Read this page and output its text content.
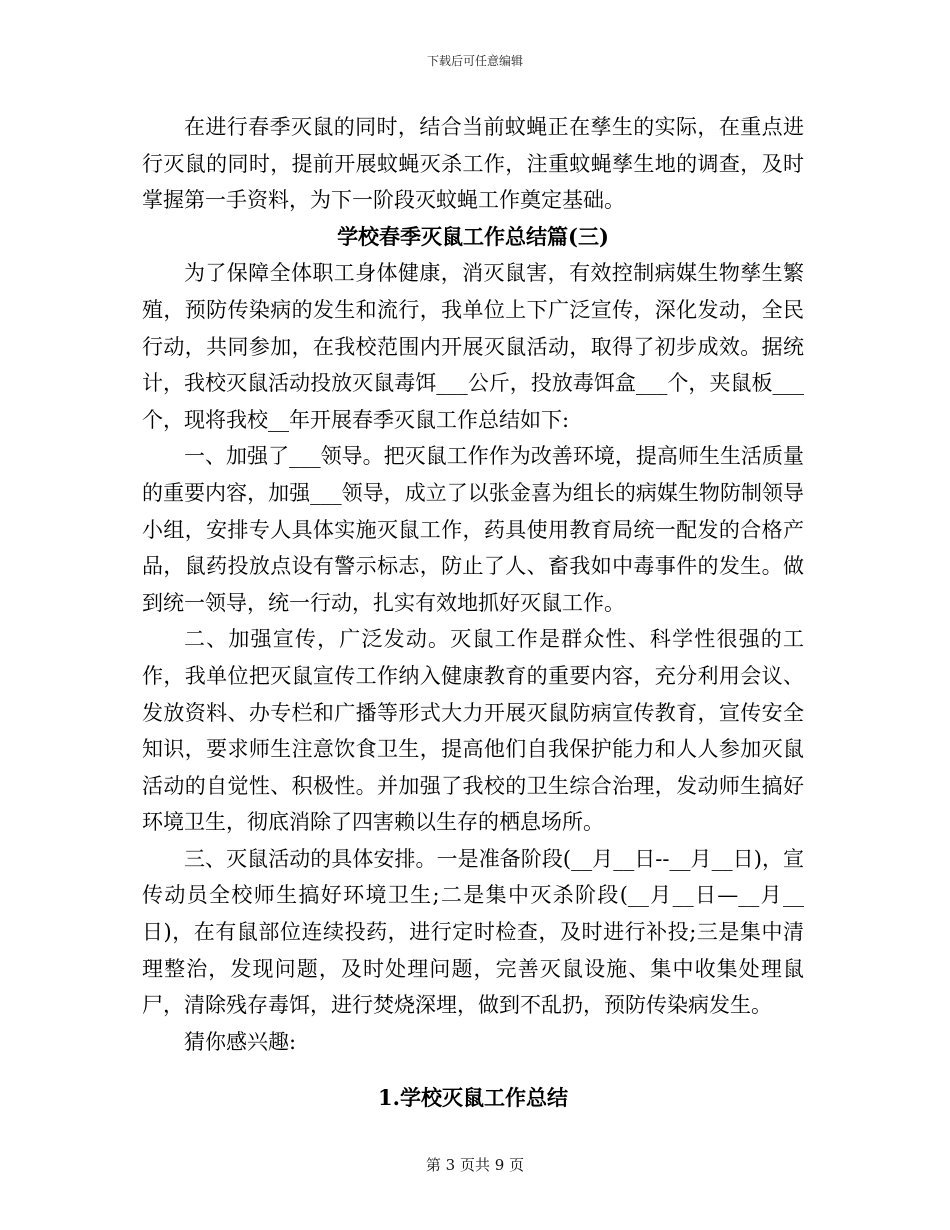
下载后可任意编辑

在进行春季灭鼠的同时，结合当前蚊蝇正在孳生的实际，在重点进行灭鼠的同时，提前开展蚊蝇灭杀工作，注重蚊蝇孳生地的调查，及时掌握第一手资料，为下一阶段灭蚊蝇工作奠定基础。

学校春季灭鼠工作总结篇(三)

为了保障全体职工身体健康，消灭鼠害，有效控制病媒生物孳生繁殖，预防传染病的发生和流行，我单位上下广泛宣传，深化发动，全民行动，共同参加，在我校范围内开展灭鼠活动，取得了初步成效。据统计，我校灭鼠活动投放灭鼠毒饵___公斤，投放毒饵盒___个，夹鼠板___个，现将我校__年开展春季灭鼠工作总结如下:

一、加强了___领导。把灭鼠工作作为改善环境，提高师生生活质量的重要内容，加强___领导，成立了以张金喜为组长的病媒生物防制领导小组，安排专人具体实施灭鼠工作，药具使用教育局统一配发的合格产品，鼠药投放点设有警示标志，防止了人、畜我如中毒事件的发生。做到统一领导，统一行动，扎实有效地抓好灭鼠工作。

二、加强宣传，广泛发动。灭鼠工作是群众性、科学性很强的工作，我单位把灭鼠宣传工作纳入健康教育的重要内容，充分利用会议、发放资料、办专栏和广播等形式大力开展灭鼠防病宣传教育，宣传安全知识，要求师生注意饮食卫生，提高他们自我保护能力和人人参加灭鼠活动的自觉性、积极性。并加强了我校的卫生综合治理，发动师生搞好环境卫生，彻底消除了四害赖以生存的栖息场所。

三、灭鼠活动的具体安排。一是准备阶段(__月__日--__月__日)，宣传动员全校师生搞好环境卫生;二是集中灭杀阶段(__月__日—__月__日)，在有鼠部位连续投药，进行定时检查，及时进行补投;三是集中清理整治，发现问题，及时处理问题，完善灭鼠设施、集中收集处理鼠尸，清除残存毒饵，进行焚烧深埋，做到不乱扔，预防传染病发生。

猜你感兴趣:

1.学校灭鼠工作总结

第 3 页共 9 页
